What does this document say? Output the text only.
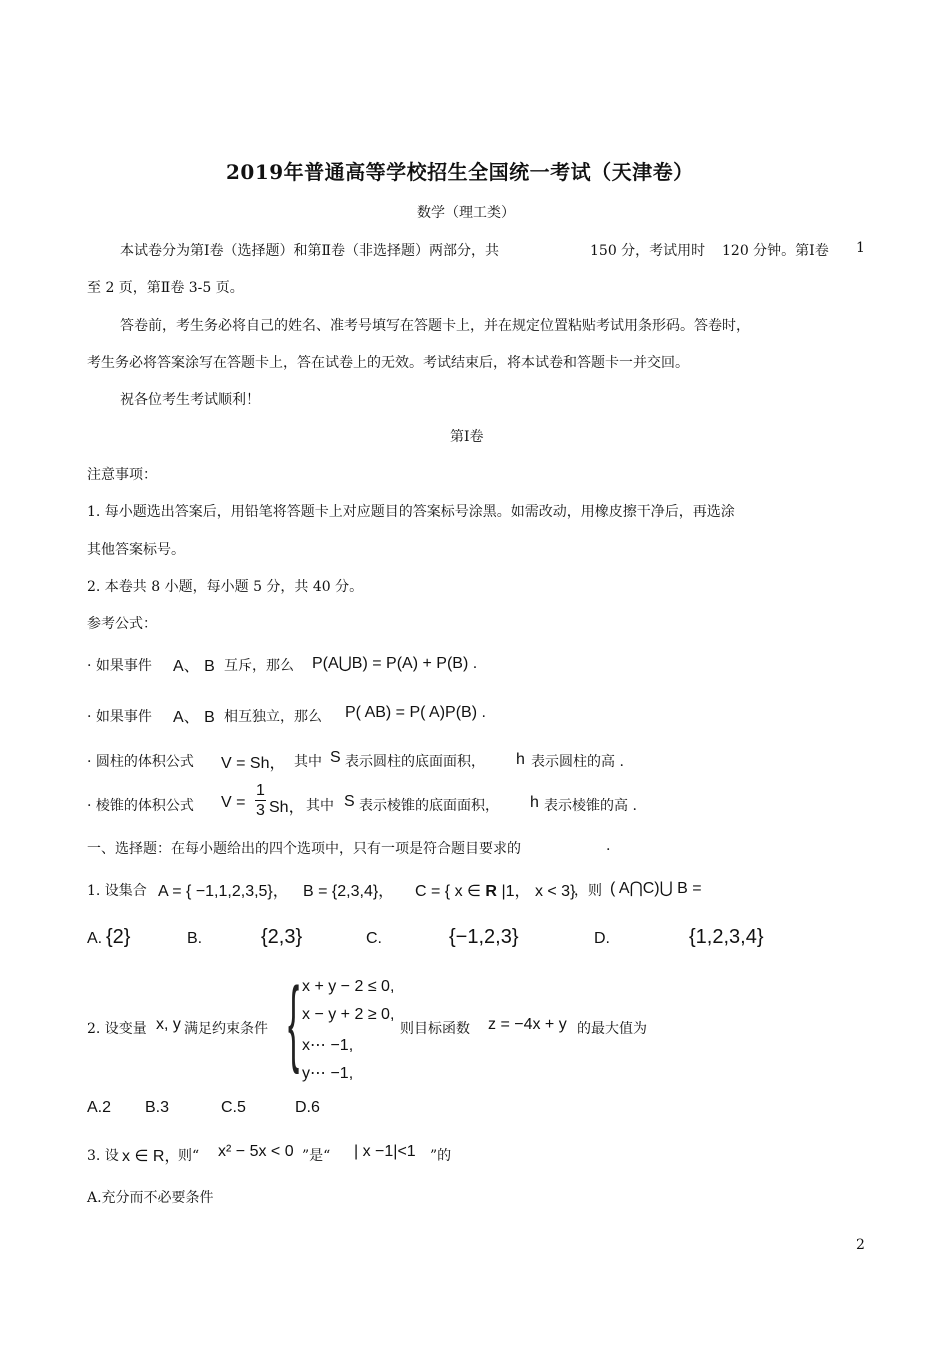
2019年普通高等学校招生全国统一考试（天津卷）
数学（理工类）
本试卷分为第Ⅰ卷（选择题）和第Ⅱ卷（非选择题）两部分，共	150 分，考试用时 120 分钟。第Ⅰ卷 1
至 2 页，第Ⅱ卷 3-5 页。
答卷前，考生务必将自己的姓名、准考号填写在答题卡上，并在规定位置粘贴考试用条形码。答卷时，
考生务必将答案涂写在答题卡上，答在试卷上的无效。考试结束后，将本试卷和答题卡一并交回。
祝各位考生考试顺利！
第Ⅰ卷
注意事项：
1. 每小题选出答案后，用铅笔将答题卡上对应题目的答案标号涂黑。如需改动，用橡皮擦干净后，再选涂
其他答案标号。
2. 本卷共 8 小题，每小题 5 分，共 40 分。
参考公式：
· 如果事件 A、 B 互斥，那么 P(A⋃B) = P(A) + P(B) .
· 如果事件 A、 B 相互独立，那么 P( AB) = P( A)P(B) .
· 圆柱的体积公式 V = Sh， 其中 S 表示圆柱的底面面积， h 表示圆柱的高 .
· 棱锥的体积公式 $V = \frac{1}{3}$ Sh， 其中 S 表示棱锥的底面面积， h 表示棱锥的高 .
一、选择题：在每小题给出的四个选项中，只有一项是符合题目要求的	.
1. 设集合 A = { −1,1,2,3,5}， B = {2,3,4}， C = { x ∈ R |1， x < 3}
，则 ( A⋂C)⋃ B =
A. {2}	B.	{2,3}	C.	{−1,2,3}	D.	{1,2,3,4}
2. 设变量 x, y 满足约束条件 { x + y − 2 ≤ 0,
x − y + 2 ≥ 0,
x⋯ −1,
y⋯ −1,
则目标函数 z = −4x + y 的最大值为
A.2 B.3	C.5	D.6
3. 设 x ∈ R，
则“ x² − 5x < 0 ”是“ | x −1|<1 ”的
A.充分而不必要条件
2
